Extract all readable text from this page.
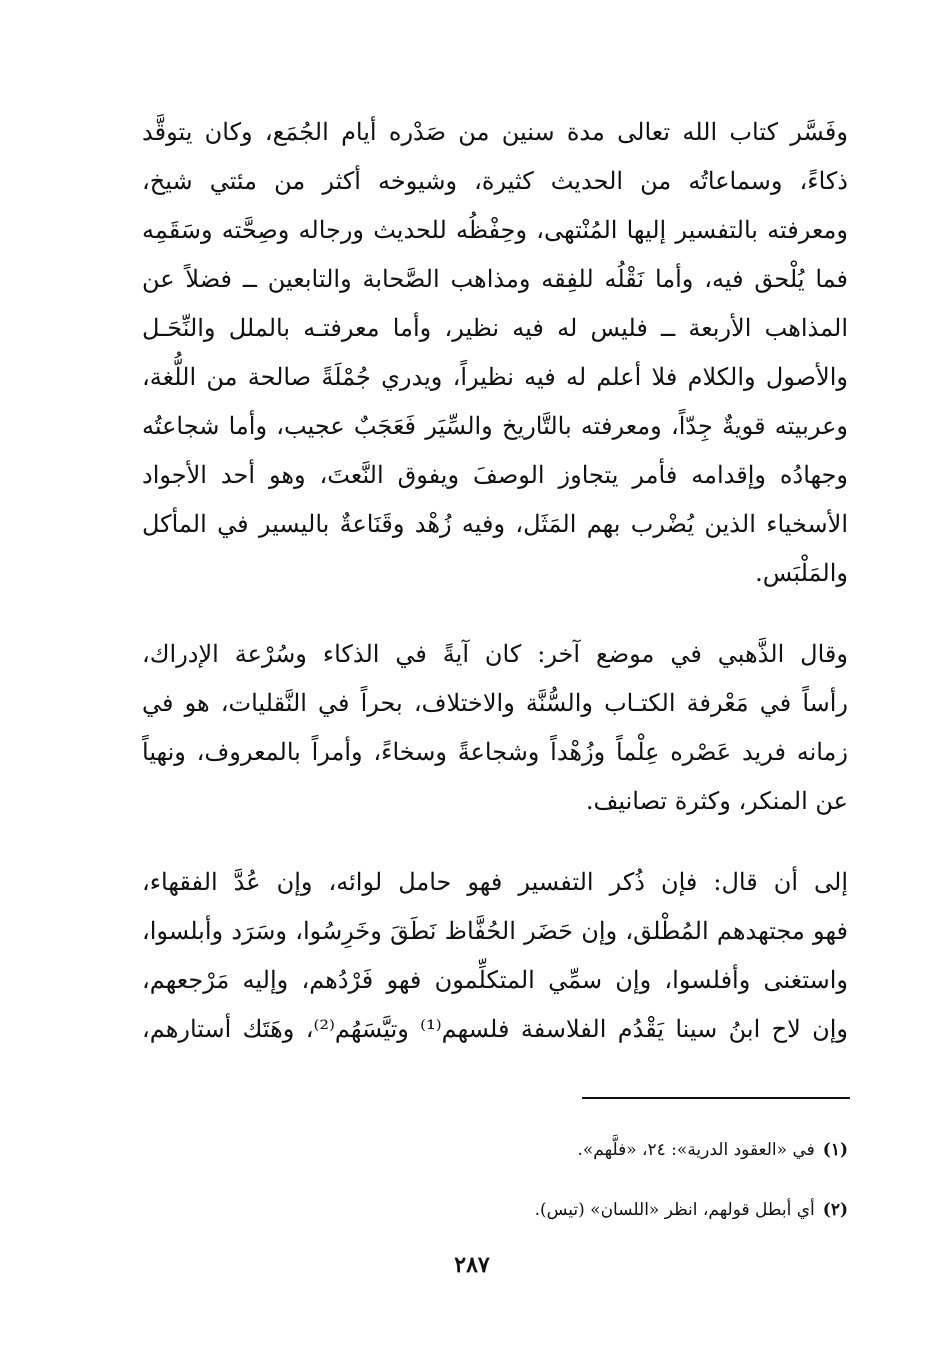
وفَسَّر كتاب الله تعالى مدة سنين من صَدْره أيام الجُمَع، وكان يتوقَّد
ذكاءً، وسماعاتُه من الحديث كثيرة، وشيوخه أكثر من مئتي شيخ،
ومعرفته بالتفسير إليها المُنْتهى، وحِفْظُه للحديث ورجاله وصِحَّته وسَقَمِه
فما يُلْحق فيه، وأما نَقْلُه للفِقه ومذاهب الصَّحابة والتابعين ــ فضلاً عن
المذاهب الأربعة ــ فليس له فيه نظير، وأما معرفتـه بالملل والنِّحَـل
والأصول والكلام فلا أعلم له فيه نظيراً، ويدري جُمْلَةً صالحة من اللُّغة،
وعربيته قويةٌ جِدّاً، ومعرفته بالتَّاريخ والسِّيَر فَعَجَبٌ عجيب، وأما شجاعتُه
وجهادُه وإقدامه فأمر يتجاوز الوصفَ ويفوق النَّعتَ، وهو أحد الأجواد
الأسخياء الذين يُضْرب بهم المَثَل، وفيه زُهْد وقَنَاعةٌ باليسير في المأكل
والمَلْبَس.
وقال الذَّهبي في موضع آخر: كان آيةً في الذكاء وسُرْعة الإدراك،
رأساً في مَعْرفة الكتـاب والسُّنَّة والاختلاف، بحراً في النَّقليات، هو في
زمانه فريد عَصْره عِلْماً وزُهْداً وشجاعةً وسخاءً، وأمراً بالمعروف، ونهياً
عن المنكر، وكثرة تصانيف.
إلى أن قال: فإن ذُكر التفسير فهو حامل لوائه، وإن عُدَّ الفقهاء،
فهو مجتهدهم المُطْلق، وإن حَضَر الحُفَّاظ نَطَقَ وخَرِسُوا، وسَرَد وأبلسوا،
واستغنى وأفلسوا، وإن سمِّي المتكلِّمون فهو فَرْدُهم، وإليه مَرْجعهم،
وإن لاح ابنُ سينا يَقْدُم الفلاسفة فلسهم⁽¹⁾ وتيَّسَهُم⁽²⁾، وهَتَك أستارهم،
(١)في «العقود الدرية»: ٢٤، «فلَّهم».
(٢)أي أبطل قولهم، انظر «اللسان» (تيس).
٢٨٧
